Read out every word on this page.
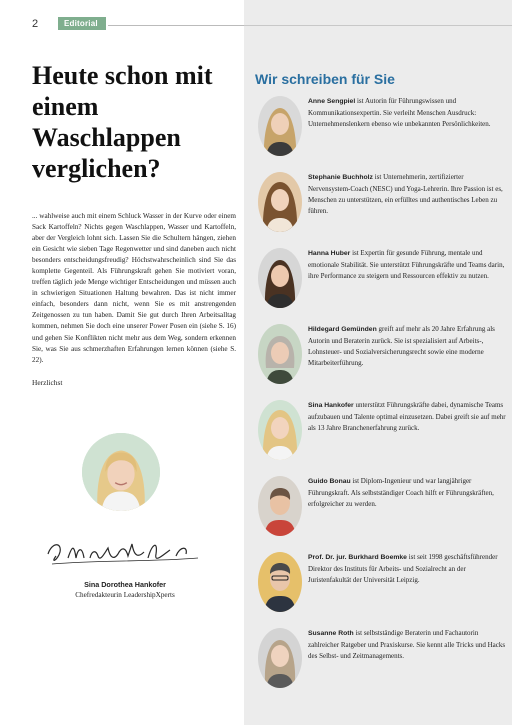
2	Editorial
Heute schon mit einem Waschlappen verglichen?

... wahlweise auch mit einem Schluck Wasser in der Kurve oder einem Sack Kartoffeln? Nichts gegen Waschlappen, Wasser und Kartoffeln, aber der Vergleich lohnt sich. Lassen Sie die Schultern hängen, ziehen ein Gesicht wie sieben Tage Regenwetter und sind daneben auch nicht besonders entscheidungsfreudig? Höchstwahrscheinlich sind Sie das komplette Gegenteil. Als Führungskraft gehen Sie motiviert voran, treffen täglich jede Menge wichtiger Entscheidungen und müssen auch in schwierigen Situationen Haltung bewahren. Das ist nicht immer einfach, besonders dann nicht, wenn Sie es mit anstrengenden Zeitgenossen zu tun haben. Damit Sie gut durch Ihren Arbeitsalltag kommen, nehmen Sie doch eine unserer Power Posen ein (siehe S. 16) und gehen Sie Konflikten nicht mehr aus dem Weg, sondern erkennen Sie, was Sie aus schmerzhaften Erfahrungen lernen können (siehe S. 22).

Herzlichst
Sina Dorothea Hankofer
Chefredakteurin LeadershipXperts
Wir schreiben für Sie

Anne Sengpiel ist Autorin für Führungswissen und Kommunikationsexpertin. Sie verleiht Menschen Ausdruck: Unternehmenslenkern ebenso wie unbekannten Persönlichkeiten.

Stephanie Buchholz ist Unternehmerin, zertifizierter Nervensystem-Coach (NESC) und Yoga-Lehrerin. Ihre Passion ist es, Menschen zu unterstützen, ein erfülltes und authentisches Leben zu führen.

Hanna Huber ist Expertin für gesunde Führung, mentale und emotionale Stabilität. Sie unterstützt Führungskräfte und Teams darin, ihre Performance zu steigern und Ressourcen effektiv zu nutzen.

Hildegard Gemünden greift auf mehr als 20 Jahre Erfahrung als Autorin und Beraterin zurück. Sie ist spezialisiert auf Arbeits-, Lohnsteuer- und Sozialversicherungsrecht sowie eine moderne Mitarbeiterführung.

Sina Hankofer unterstützt Führungskräfte dabei, dynamische Teams aufzubauen und Talente optimal einzusetzen. Dabei greift sie auf mehr als 13 Jahre Branchenerfahrung zurück.

Guido Bonau ist Diplom-Ingenieur und war langjähriger Führungskraft. Als selbstständiger Coach hilft er Führungskräften, erfolgreicher zu werden.

Prof. Dr. jur. Burkhard Boemke ist seit 1998 geschäftsführender Direktor des Instituts für Arbeits- und Sozialrecht an der Juristenfakultät der Universität Leipzig.

Susanne Roth ist selbstständige Beraterin und Fachautorin zahlreicher Ratgeber und Praxiskurse. Sie kennt alle Tricks und Hacks des Selbst- und Zeitmanagements.
